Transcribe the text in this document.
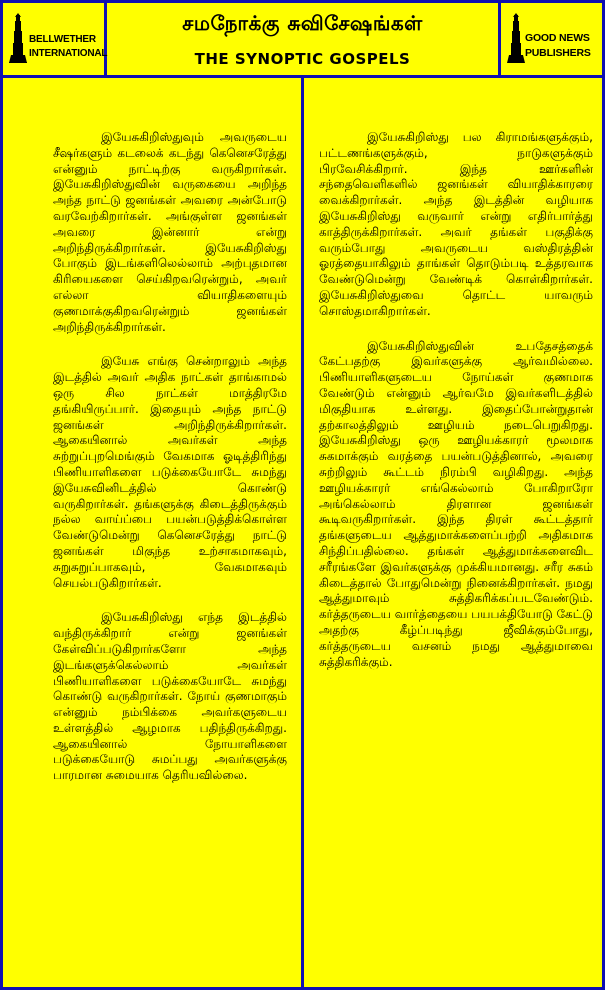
BELLWETHER
INTERNATIONAL
சமநோக்கு சுவிசேஷங்கள்
THE SYNOPTIC GOSPELS
GOOD NEWS
PUBLISHERS

இயேசுகிறிஸ்துவும் அவருடைய சீஷர்களும் கடலைக் கடந்து கெனெசரேத்து என்னும் நாட்டிற்கு வருகிறார்கள். இயேசுகிறிஸ்துவின் வருகையை அறிந்த அந்த நாட்டு ஜனங்கள் அவரை அன்போடு வரவேற்கிறார்கள். அங்குள்ள ஜனங்கள் அவரை இன்னார் என்று அறிந்திருக்கிறார்கள். இயேசுகிறிஸ்து போகும் இடங்களிலெல்லாம் அற்புதமான கிரியைகளை செய்கிறவரென்றும், அவர் எல்லா வியாதிகளையும் குணமாக்குகிறவரென்றும் ஜனங்கள் அறிந்திருக்கிறார்கள்.

இயேசு எங்கு சென்றாலும் அந்த இடத்தில் அவர் அதிக நாட்கள் தாங்காமல் ஒரு சில நாட்கள் மாத்திரமே தங்கியிருப்பார். இதையும் அந்த நாட்டு ஜனங்கள் அறிந்திருக்கிறார்கள். ஆகையினால் அவர்கள் அந்த சுற்றுப்புறமெங்கும் வேகமாக ஓடித்திரிந்து பிணியாளிகளை படுக்கையோடே சுமந்து இயேசுவினிடத்தில் கொண்டு வருகிறார்கள். தங்களுக்கு கிடைத்திருக்கும் நல்ல வாய்ப்பை பயன்படுத்திக்கொள்ள வேண்டுமென்று கெனெசரேத்து நாட்டு ஜனங்கள் மிகுந்த உற்சாகமாகவும், சுறுசுறுப்பாகவும், வேகமாகவும் செயல்படுகிறார்கள்.

இயேசுகிறிஸ்து எந்த இடத்தில் வந்திருக்கிறார் என்று ஜனங்கள் கேள்விப்படுகிறார்களோ அந்த இடங்களுக்கெல்லாம் அவர்கள் பிணியாளிகளை படுக்கையோடே சுமந்து கொண்டு வருகிறார்கள். நோய் குணமாகும் என்னும் நம்பிக்கை அவர்களுடைய உள்ளத்தில் ஆழமாக பதிந்திருக்கிறது. ஆகையினால் நோயாளிகளை படுக்கையோடு சுமப்பது அவர்களுக்கு பாரமான சுமையாக தெரியவில்லை.

இயேசுகிறிஸ்து பல கிராமங்களுக்கும், பட்டணங்களுக்கும், நாடுகளுக்கும் பிரவேசிக்கிறார். இந்த ஊர்களின் சந்தைவெளிகளில் ஜனங்கள் வியாதிக்காரரை வைக்கிறார்கள். அந்த இடத்தின் வழியாக இயேசுகிறிஸ்து வருவார் என்று எதிர்பார்த்து காத்திருக்கிறார்கள். அவர் தங்கள் பகுதிக்கு வரும்போது அவருடைய வஸ்திரத்தின் ஓரத்தையாகிலும் தாங்கள் தொடும்படி உத்தரவாக வேண்டுமென்று வேண்டிக் கொள்கிறார்கள். இயேசுகிறிஸ்துவை தொட்ட யாவரும் சொஸ்தமாகிறார்கள்.

இயேசுகிறிஸ்துவின் உபதேசத்தைக் கேட்பதற்கு இவர்களுக்கு ஆர்வமில்லை. பிணியாளிகளுடைய நோய்கள் குணமாக வேண்டும் என்னும் ஆர்வமே இவர்களிடத்தில் மிகுதியாக உள்ளது. இதைப்போன்றுதான் தற்காலத்திலும் ஊழியம் நடைபெறுகிறது. இயேசுகிறிஸ்து ஒரு ஊழியக்காரர் மூலமாக சுகமாக்கும் வரத்தை பயன்படுத்தினால், அவரை சுற்றிலும் கூட்டம் நிரம்பி வழிகிறது. அந்த ஊழியக்காரர் எங்கெல்லாம் போகிறாரோ அங்கெல்லாம் திரளான ஜனங்கள் கூடிவருகிறார்கள். இந்த திரள் கூட்டத்தார் தங்களுடைய ஆத்துமாக்களைப்பற்றி அதிகமாக சிந்திப்பதில்லை. தங்கள் ஆத்துமாக்களைவிட சரீரங்களே இவர்களுக்கு முக்கியமானது. சரீர சுகம் கிடைத்தால் போதுமென்று நினைக்கிறார்கள். நமது ஆத்துமாவும் சுத்திகரிக்கப்படவேண்டும். கர்த்தருடைய வார்த்தையை பயபக்தியோடு கேட்டு அதற்கு கீழ்ப்படிந்து ஜீவிக்கும்போது, கர்த்தருடைய வசனம் நமது ஆத்துமாவை சுத்திகரிக்கும்.
